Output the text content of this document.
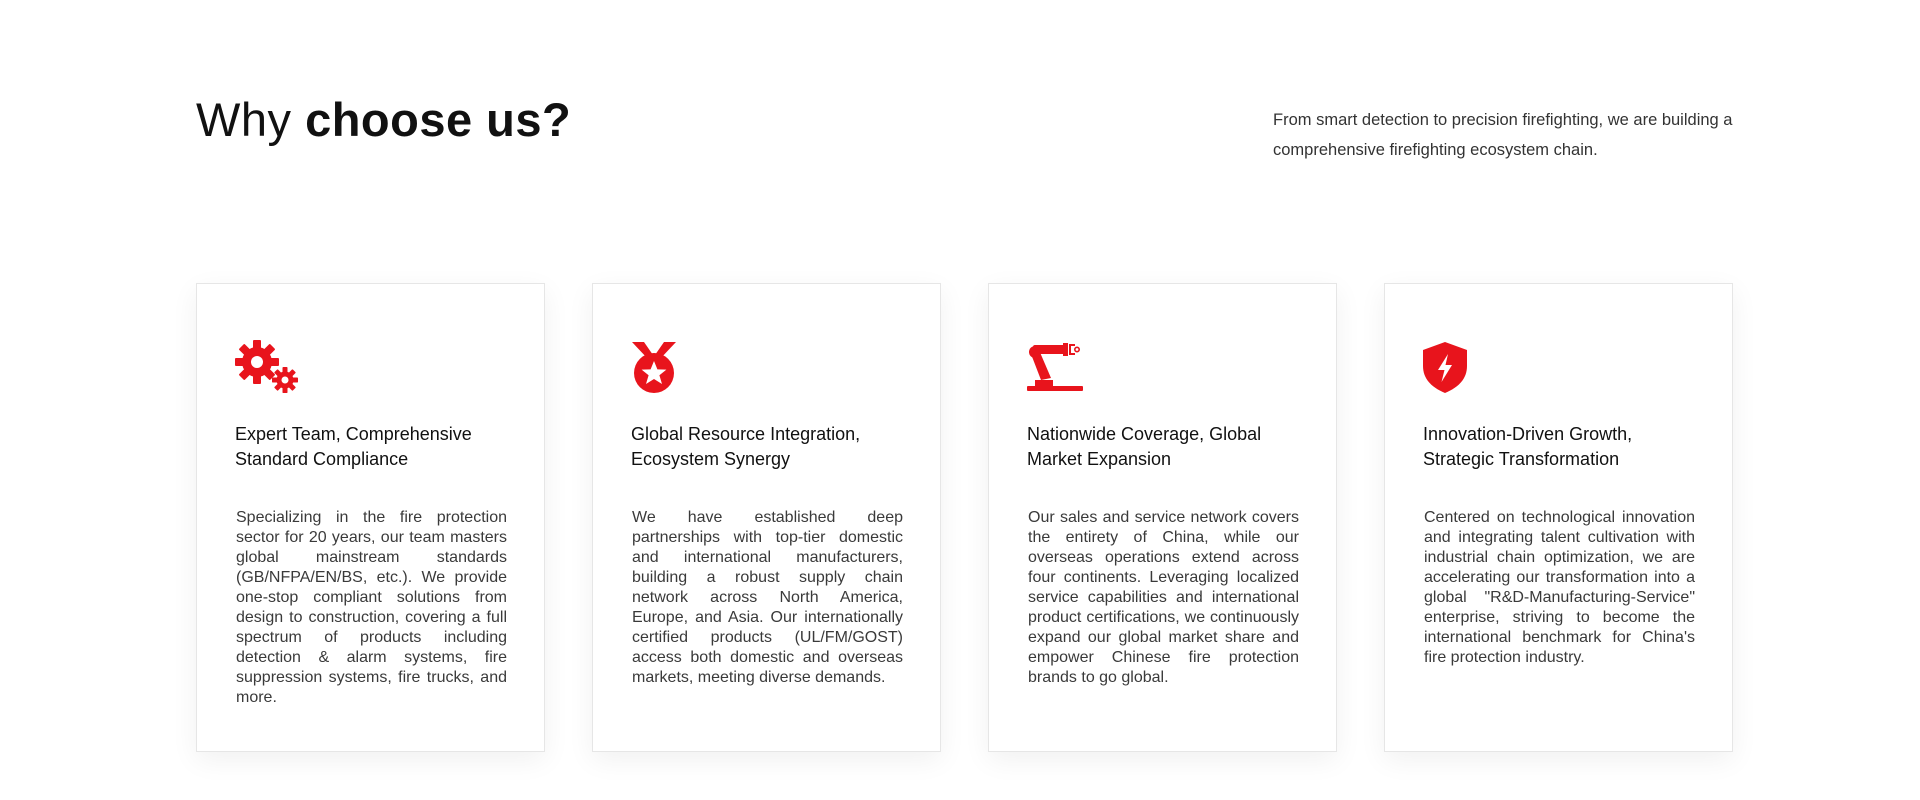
Why choose us?	From smart detection to precision firefighting, we are building a comprehensive firefighting ecosystem chain.

Expert Team, Comprehensive Standard Compliance

Specializing in the fire protection sector for 20 years, our team masters global mainstream standards (GB/NFPA/EN/BS, etc.). We provide one-stop compliant solutions from design to construction, covering a full spectrum of products including detection & alarm systems, fire suppression systems, fire trucks, and more.

Global Resource Integration, Ecosystem Synergy

We have established deep partnerships with top-tier domestic and international manufacturers, building a robust supply chain network across North America, Europe, and Asia. Our internationally certified products (UL/FM/GOST) access both domestic and overseas markets, meeting diverse demands.

Nationwide Coverage, Global Market Expansion

Our sales and service network covers the entirety of China, while our overseas operations extend across four continents. Leveraging localized service capabilities and international product certifications, we continuously expand our global market share and empower Chinese fire protection brands to go global.

Innovation-Driven Growth, Strategic Transformation

Centered on technological innovation and integrating talent cultivation with industrial chain optimization, we are accelerating our transformation into a global "R&D-Manufacturing-Service" enterprise, striving to become the international benchmark for China's fire protection industry.
